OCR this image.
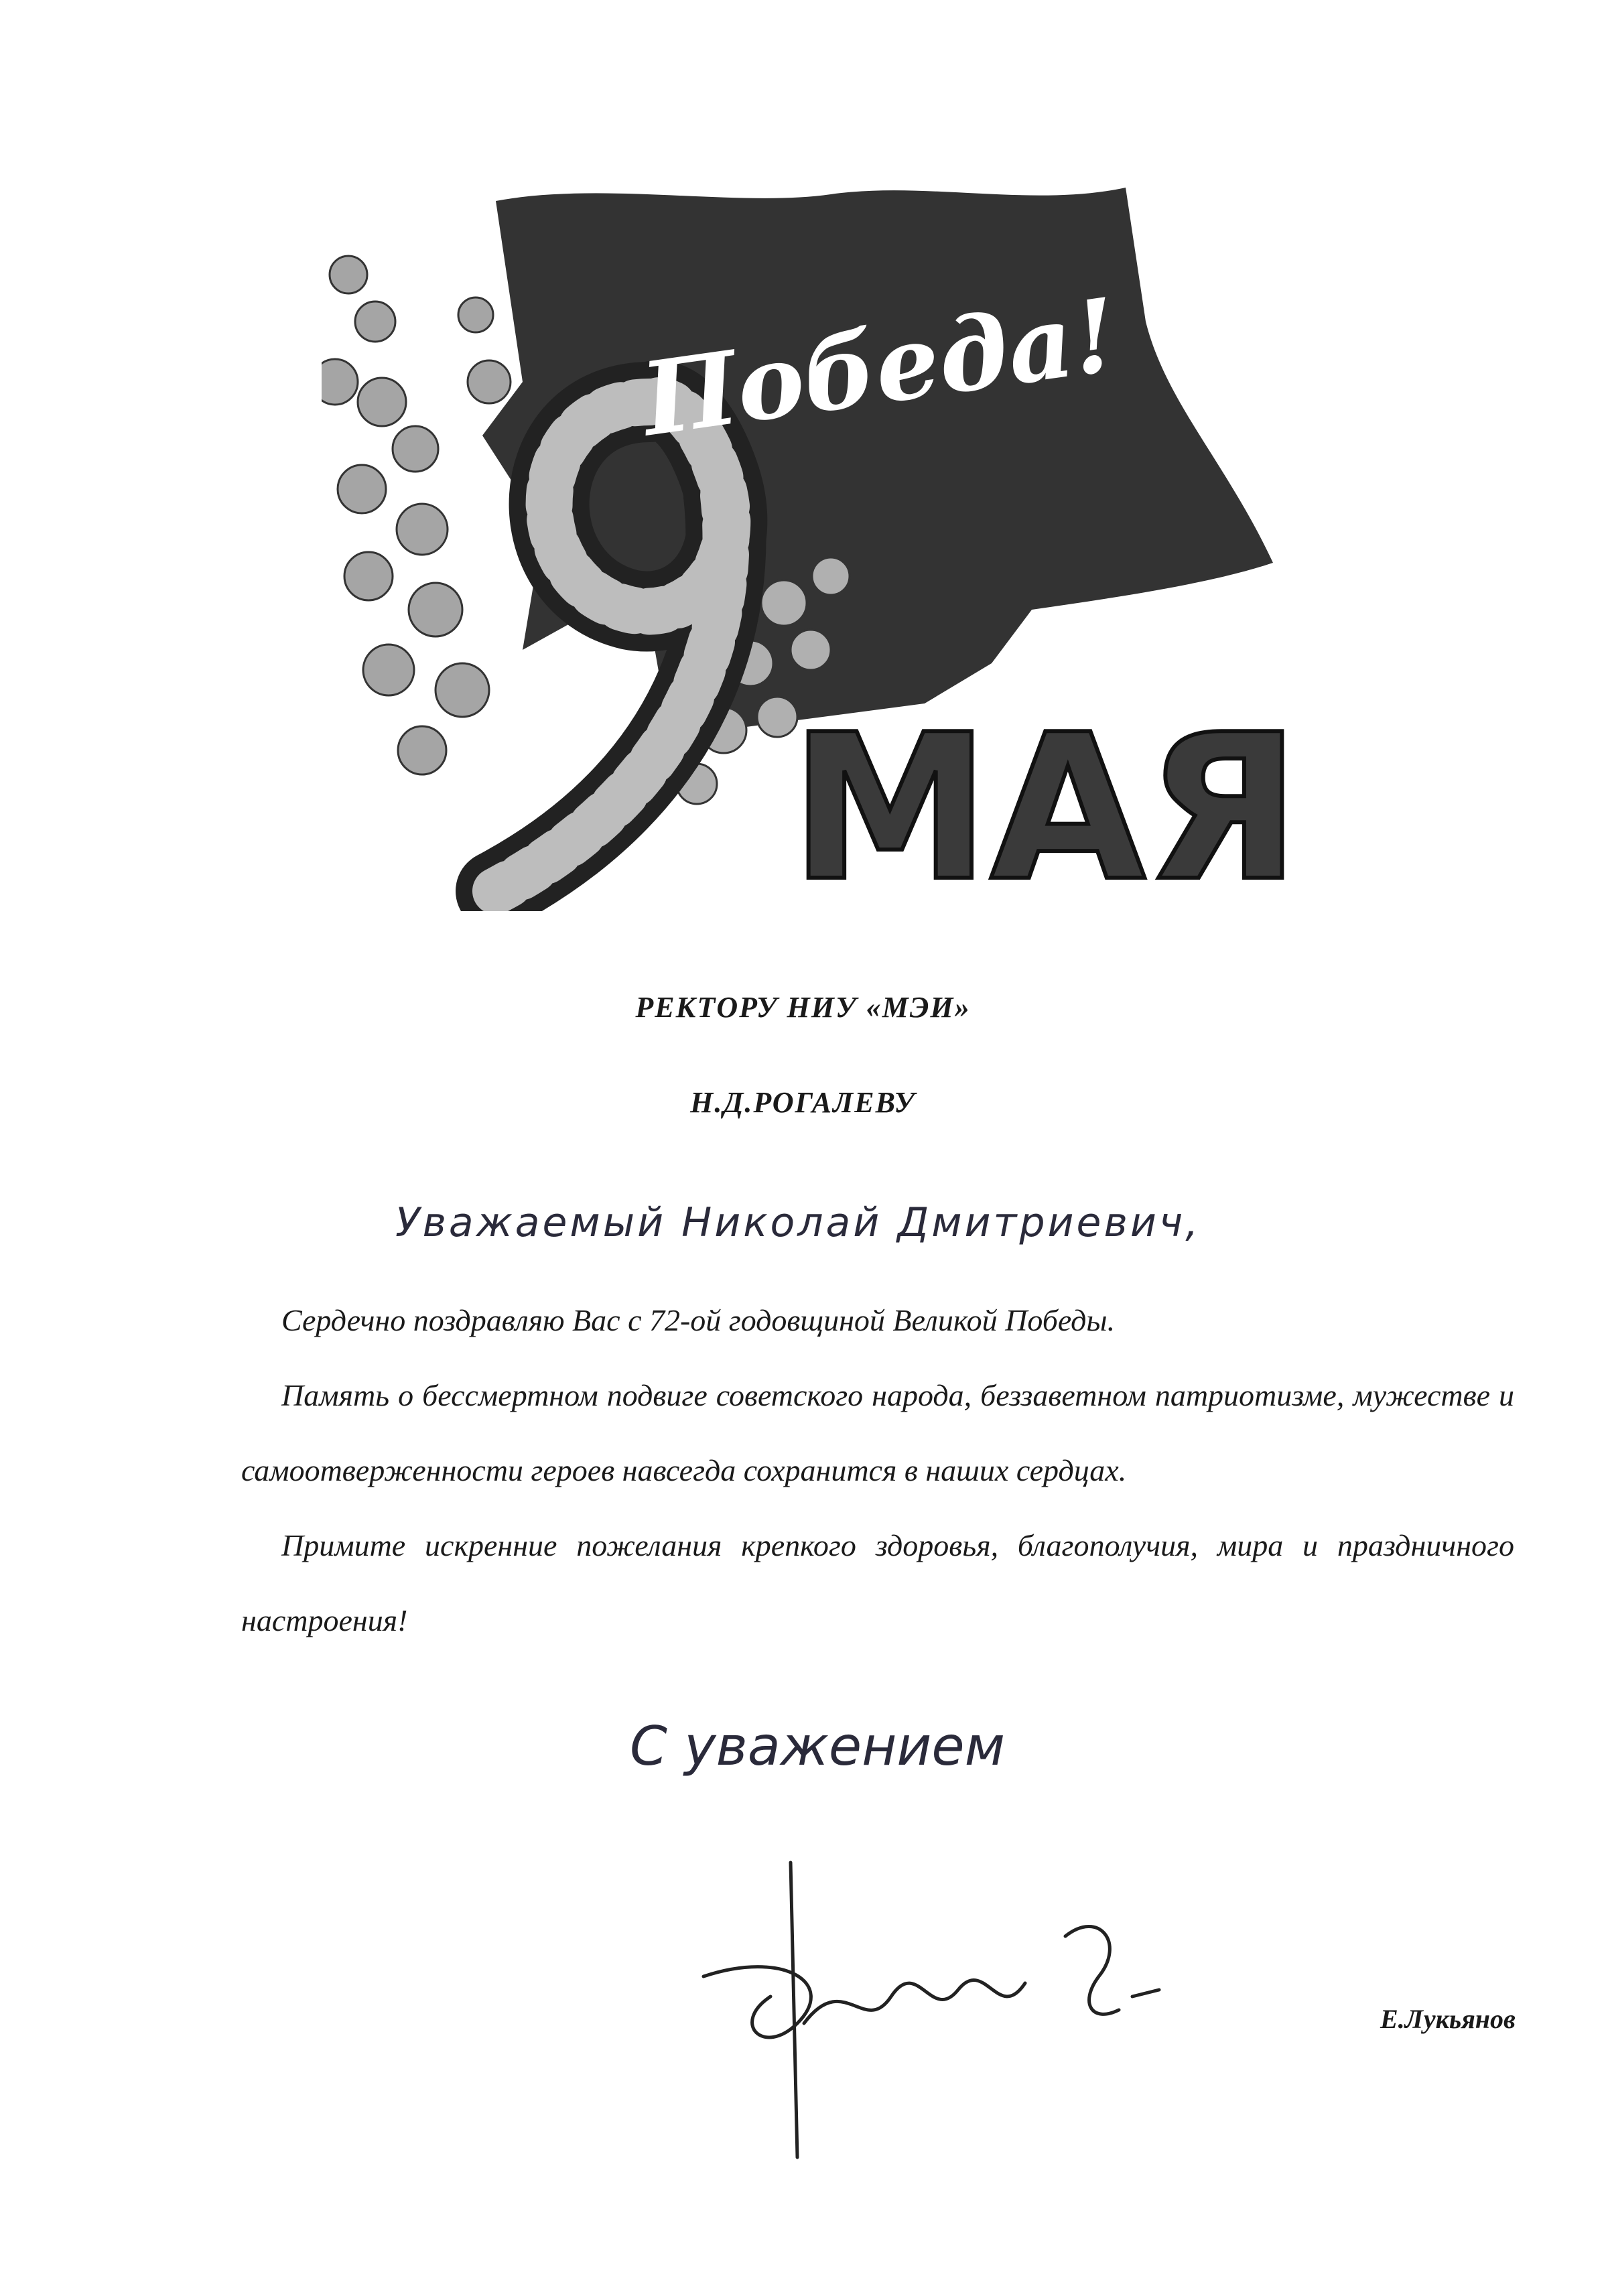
Победа!
МАЯ
РЕКТОРУ НИУ «МЭИ»
Н.Д.РОГАЛЕВУ
Уважаемый Николай Дмитриевич,

Сердечно поздравляю Вас с 72-ой годовщиной Великой Победы.

Память о бессмертном подвиге советского народа, беззаветном патриотизме, мужестве и самоотверженности героев навсегда сохранится в наших сердцах.

Примите искренние пожелания крепкого здоровья, благополучия, мира и праздничного настроения!

С уважением
Е.Лукьянов
